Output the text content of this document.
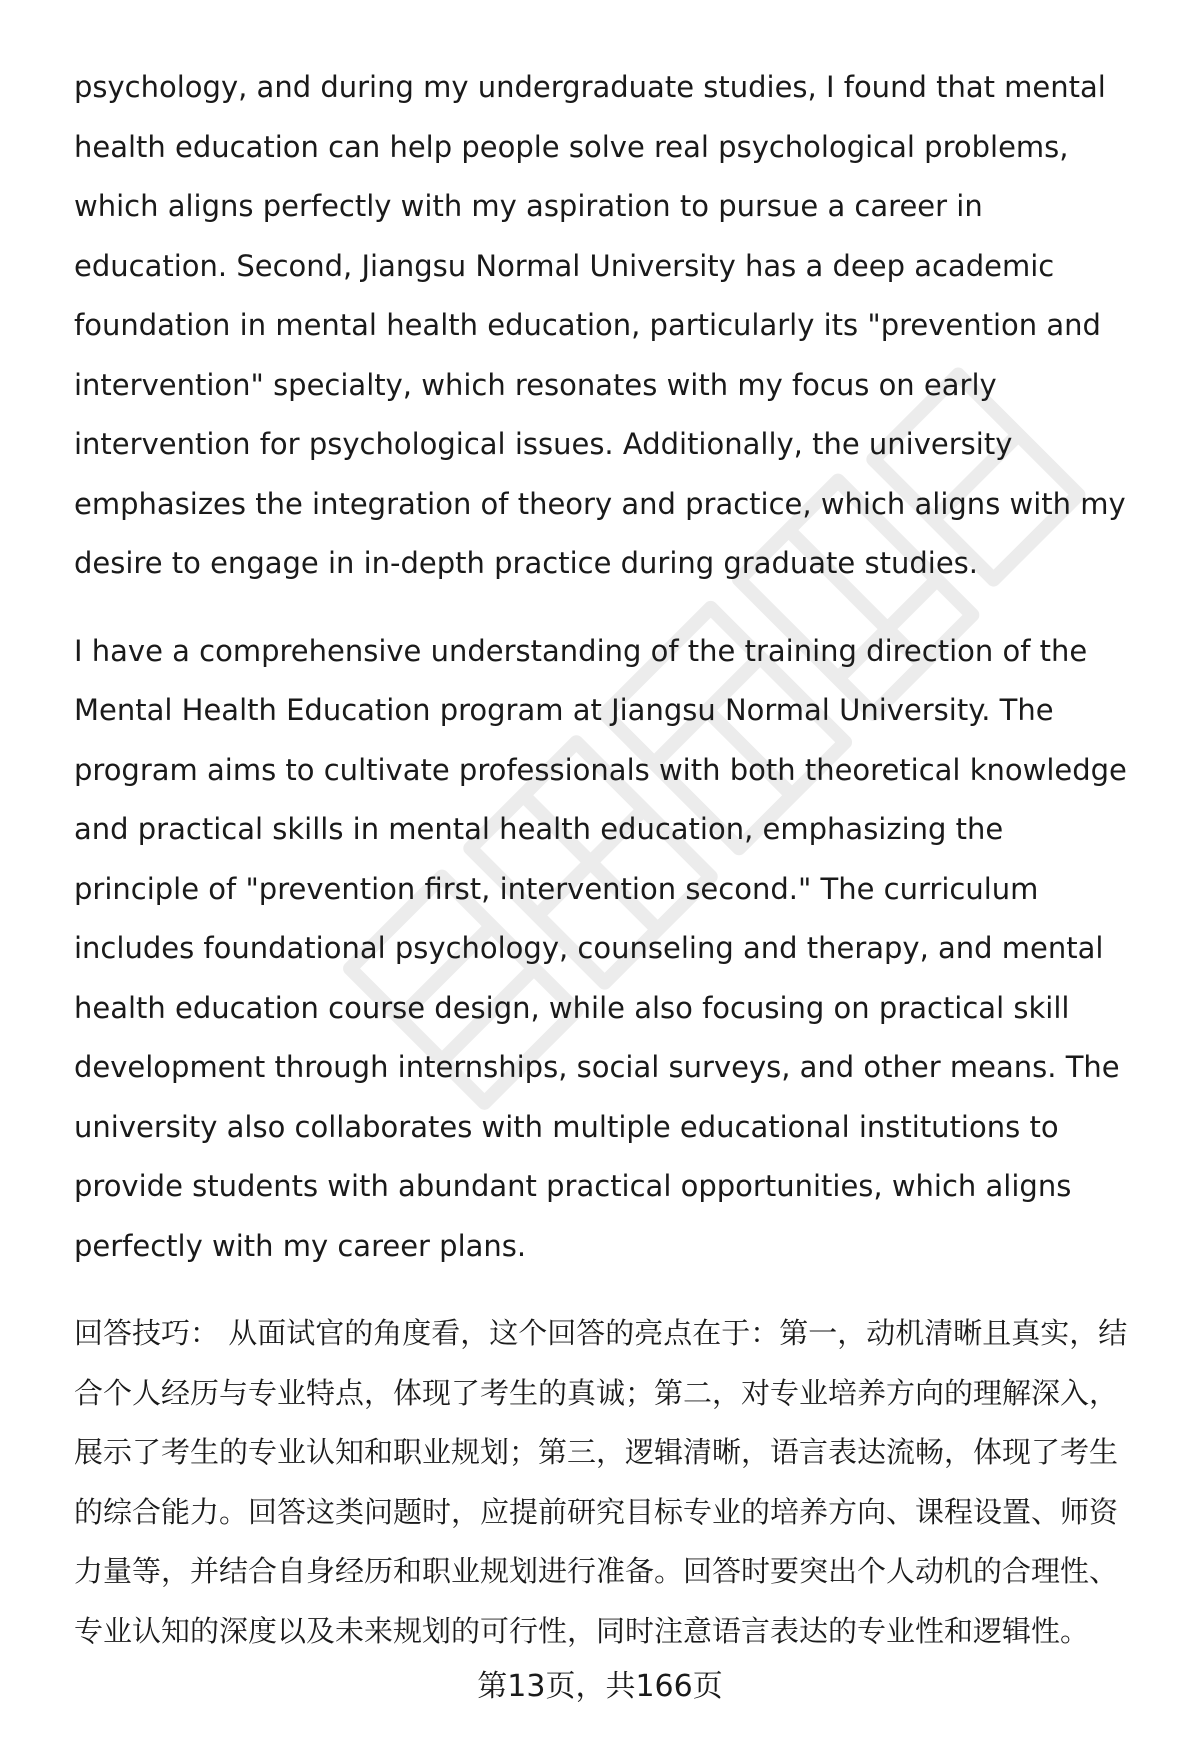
psychology, and during my undergraduate studies, I found that mental health education can help people solve real psychological problems, which aligns perfectly with my aspiration to pursue a career in education. Second, Jiangsu Normal University has a deep academic foundation in mental health education, particularly its "prevention and intervention" specialty, which resonates with my focus on early intervention for psychological issues. Additionally, the university emphasizes the integration of theory and practice, which aligns with my desire to engage in in-depth practice during graduate studies.

I have a comprehensive understanding of the training direction of the Mental Health Education program at Jiangsu Normal University. The program aims to cultivate professionals with both theoretical knowledge and practical skills in mental health education, emphasizing the principle of "prevention first, intervention second." The curriculum includes foundational psychology, counseling and therapy, and mental health education course design, while also focusing on practical skill development through internships, social surveys, and other means. The university also collaborates with multiple educational institutions to provide students with abundant practical opportunities, which aligns perfectly with my career plans.

回答技巧： 从面试官的角度看，这个回答的亮点在于：第一，动机清晰且真实，结合个人经历与专业特点，体现了考生的真诚；第二，对专业培养方向的理解深入，展示了考生的专业认知和职业规划；第三，逻辑清晰，语言表达流畅，体现了考生的综合能力。回答这类问题时，应提前研究目标专业的培养方向、课程设置、师资力量等，并结合自身经历和职业规划进行准备。回答时要突出个人动机的合理性、专业认知的深度以及未来规划的可行性，同时注意语言表达的专业性和逻辑性。

第13页，共166页
